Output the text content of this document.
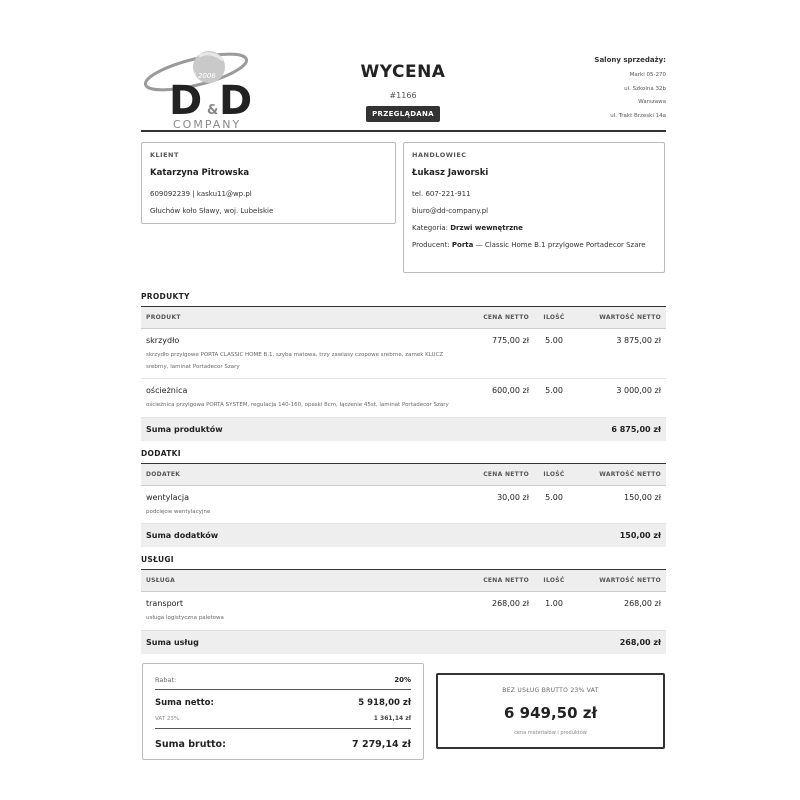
od 2006
D & D
COMPANY
WYCENA
#1166
PRZEGLĄDANA
Salony sprzedaży:
Marki 05-270
ul. Szkolna 32b
Warszawa
ul. Trakt Brzeski 14a
KLIENT
Katarzyna Pitrowska
609092239 | kasku11@wp.pl
Głuchów koło Sławy, woj. Lubelskie
HANDLOWIEC
Łukasz Jaworski
tel. 607-221-911
biuro@dd-company.pl
Kategoria: Drzwi wewnętrzne
Producent: Porta — Classic Home B.1 przylgowe Portadecor Szare
PRODUKTY
PRODUKT	CENA NETTO	ILOŚĆ	WARTOŚĆ NETTO

skrzydło
skrzydło przylgowe PORTA CLASSIC HOME B.1, szyba matowa, trzy zawiasy czopowe srebrne, zamek KLUCZ srebrny, laminat Portadecor Szary	775,00 zł	5.00	3 875,00 zł

ościeżnica
ościeżnica przylgowa PORTA SYSTEM, regulacja 140-160, opaski 8cm, łączenie 45st, laminat Portadecor Szary	600,00 zł	5.00	3 000,00 zł
Suma produktów			6 875,00 zł
DODATKI
DODATEK	CENA NETTO	ILOŚĆ	WARTOŚĆ NETTO

wentylacja
podcięcie wentylacyjne	30,00 zł	5.00	150,00 zł
Suma dodatków			150,00 zł
USŁUGI
USŁUGA	CENA NETTO	ILOŚĆ	WARTOŚĆ NETTO

transport
usługa logistyczna paletowa	268,00 zł	1.00	268,00 zł
Suma usług			268,00 zł
Rabat:	20%
Suma netto:	5 918,00 zł
VAT 23%:	1 361,14 zł
Suma brutto:	7 279,14 zł
BEZ USŁUG BRUTTO 23% VAT
6 949,50 zł
cena materiałów i produktów
